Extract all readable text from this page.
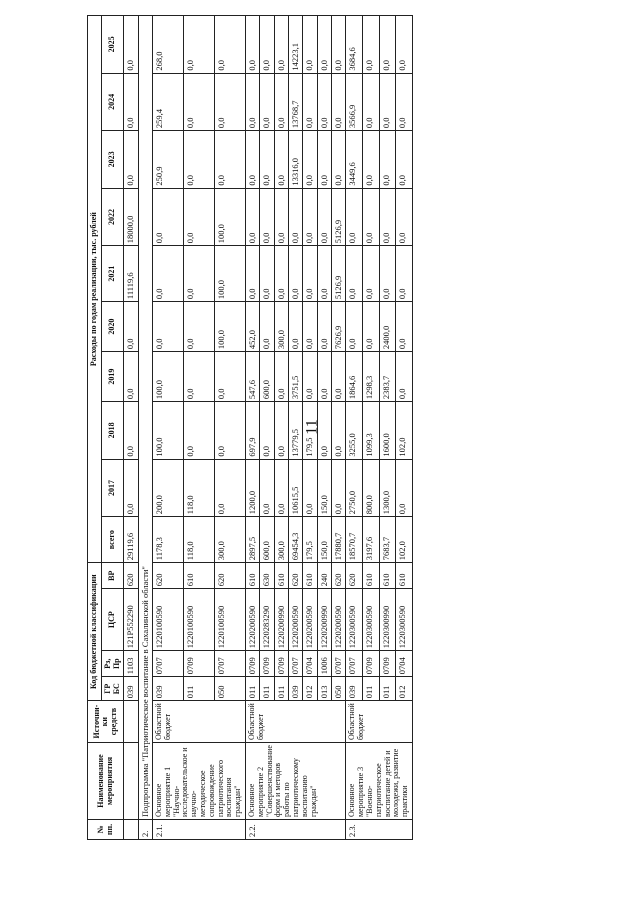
11
№ пп.	Наименование мероприятия	Источни-ки средств	Код бюджетной классификации				Расходы по годам реализации, тыс. рублей									
			ГР БС	Рз, Пр	ЦСР	ВР	всего	2017	2018	2019	2020	2021	2022	2023	2024	2025
			039	1103	121P552290	620	29119,6	0,0	0,0	0,0	0,0	11119,6	18000,0	0,0	0,0	0,0
2.	Подпрограмма "Патриотическое воспитание в Сахалинской области"															
2.1.	Основное мероприятие 1 "Научно-исследовательское и научно-методическое сопровождение патриотического воспитания граждан"	Областной бюджет	039	0707	1220100590	620	1178,3	200,0	100,0	100,0	0,0	0,0	0,0	250,9	259,4	268,0
			011	0709	1220100590	610	118,0	118,0	0,0	0,0	0,0	0,0	0,0	0,0	0,0	0,0
			050	0707	1220100590	620	300,0	0,0	0,0	0,0	100,0	100,0	100,0	0,0	0,0	0,0
2.2.	Основное мероприятие 2 "Совершенствование форм и методов работы по патриотическому воспитанию граждан"	Областной бюджет	011	0709	1220200590	610	2897,5	1200,0	697,9	547,6	452,0	0,0	0,0	0,0	0,0	0,0
			011	0709	1220283290	630	600,0	0,0	0,0	600,0	0,0	0,0	0,0	0,0	0,0	0,0
			011	0709	1220200990	610	300,0	0,0	0,0	0,0	300,0	0,0	0,0	0,0	0,0	0,0
			039	0707	1220200590	620	69454,3	10615,5	13779,5	3751,5	0,0	0,0	0,0	13316,0	13768,7	14223,1
			012	0704	1220200590	610	179,5	0,0	179,5	0,0	0,0	0,0	0,0	0,0	0,0	0,0
			013	1006	1220200990	240	150,0	150,0	0,0	0,0	0,0	0,0	0,0	0,0	0,0	0,0
			050	0707	1220200590	620	17880,7	0,0	0,0	0,0	7626,9	5126,9	5126,9	0,0	0,0	0,0
2.3.	Основное мероприятие 3 "Военно-патриотическое воспитание детей и молодежи, развитие практики	Областной бюджет	039	0707	1220300590	620	18570,7	2750,0	3255,0	1864,6	0,0	0,0	0,0	3449,6	3566,9	3684,6
			011	0709	1220300590	610	3197,6	800,0	1099,3	1298,3	0,0	0,0	0,0	0,0	0,0	0,0
			011	0709	1220300990	610	7683,7	1300,0	1600,0	2383,7	2400,0	0,0	0,0	0,0	0,0	0,0
			012	0704	1220300590	610	102,0	0,0	102,0	0,0	0,0	0,0	0,0	0,0	0,0	0,0
